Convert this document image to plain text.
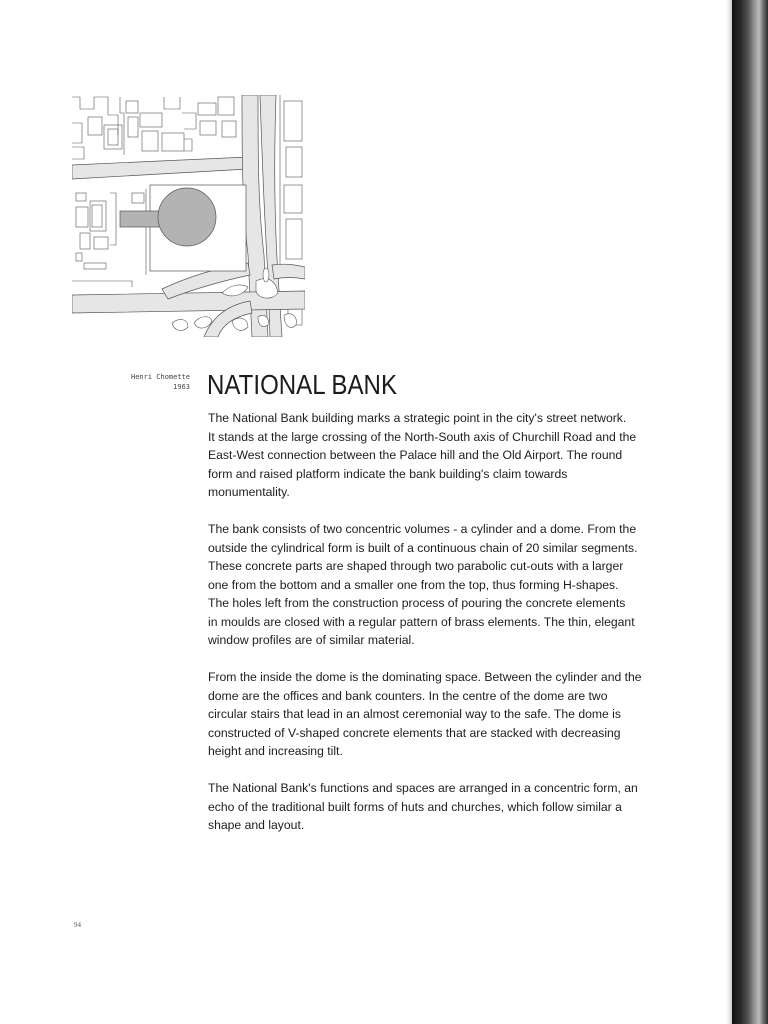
Henri Chomette
1963 NATIONAL BANK

The National Bank building marks a strategic point in the city's street network.
It stands at the large crossing of the North-South axis of Churchill Road and the
East-West connection between the Palace hill and the Old Airport. The round
form and raised platform indicate the bank building's claim towards
monumentality.

The bank consists of two concentric volumes - a cylinder and a dome. From the
outside the cylindrical form is built of a continuous chain of 20 similar segments.
These concrete parts are shaped through two parabolic cut-outs with a larger
one from the bottom and a smaller one from the top, thus forming H-shapes.
The holes left from the construction process of pouring the concrete elements
in moulds are closed with a regular pattern of brass elements. The thin, elegant
window profiles are of similar material.

From the inside the dome is the dominating space. Between the cylinder and the
dome are the offices and bank counters. In the centre of the dome are two
circular stairs that lead in an almost ceremonial way to the safe. The dome is
constructed of V-shaped concrete elements that are stacked with decreasing
height and increasing tilt.

The National Bank's functions and spaces are arranged in a concentric form, an
echo of the traditional built forms of huts and churches, which follow similar a
shape and layout.

94
